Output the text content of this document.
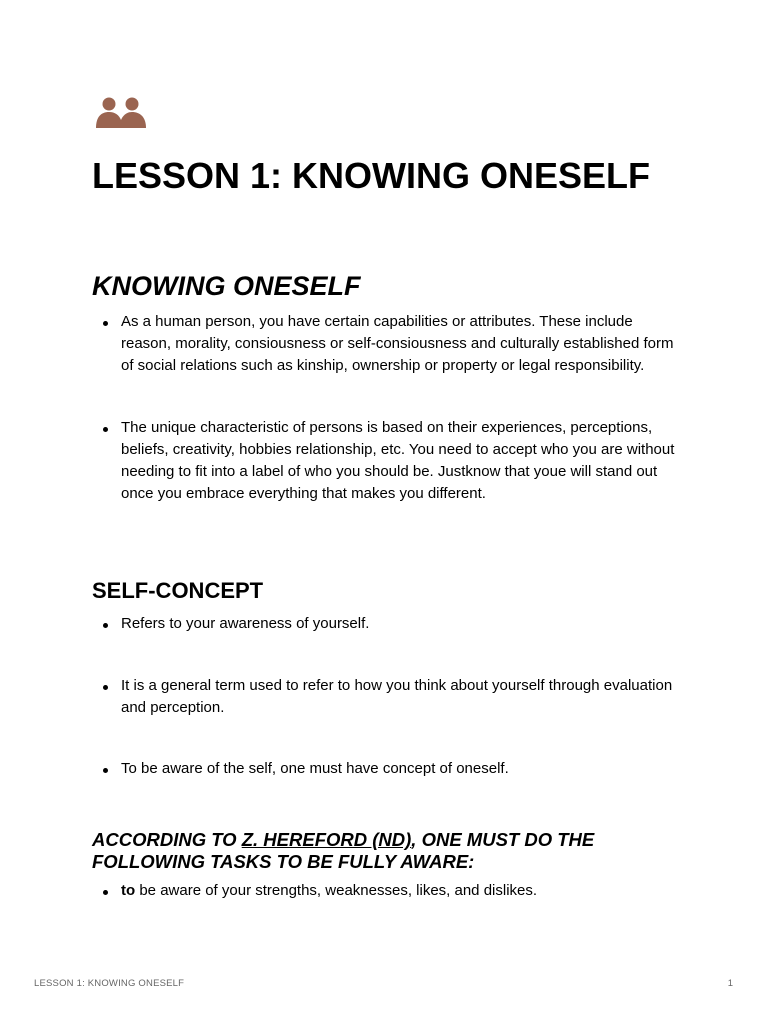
LESSON 1: KNOWING ONESELF
KNOWING ONESELF
As a human person, you have certain capabilities or attributes. These include reason, morality, consiousness or self-consiousness and culturally established form of social relations such as kinship, ownership or property or legal responsibility.
The unique characteristic of persons is based on their experiences, perceptions, beliefs, creativity, hobbies relationship, etc. You need to accept who you are without needing to fit into a label of who you should be. Justknow that youe will stand out once you embrace everything that makes you different.
SELF-CONCEPT
Refers to your awareness of yourself.
It is a general term used to refer to how you think about yourself through evaluation and perception.
To be aware of the self, one must have concept of oneself.
ACCORDING TO Z. HEREFORD (ND), ONE MUST DO THE FOLLOWING TASKS TO BE FULLY AWARE:
to be aware of your strengths, weaknesses, likes, and dislikes.
LESSON 1: KNOWING ONESELF	1
